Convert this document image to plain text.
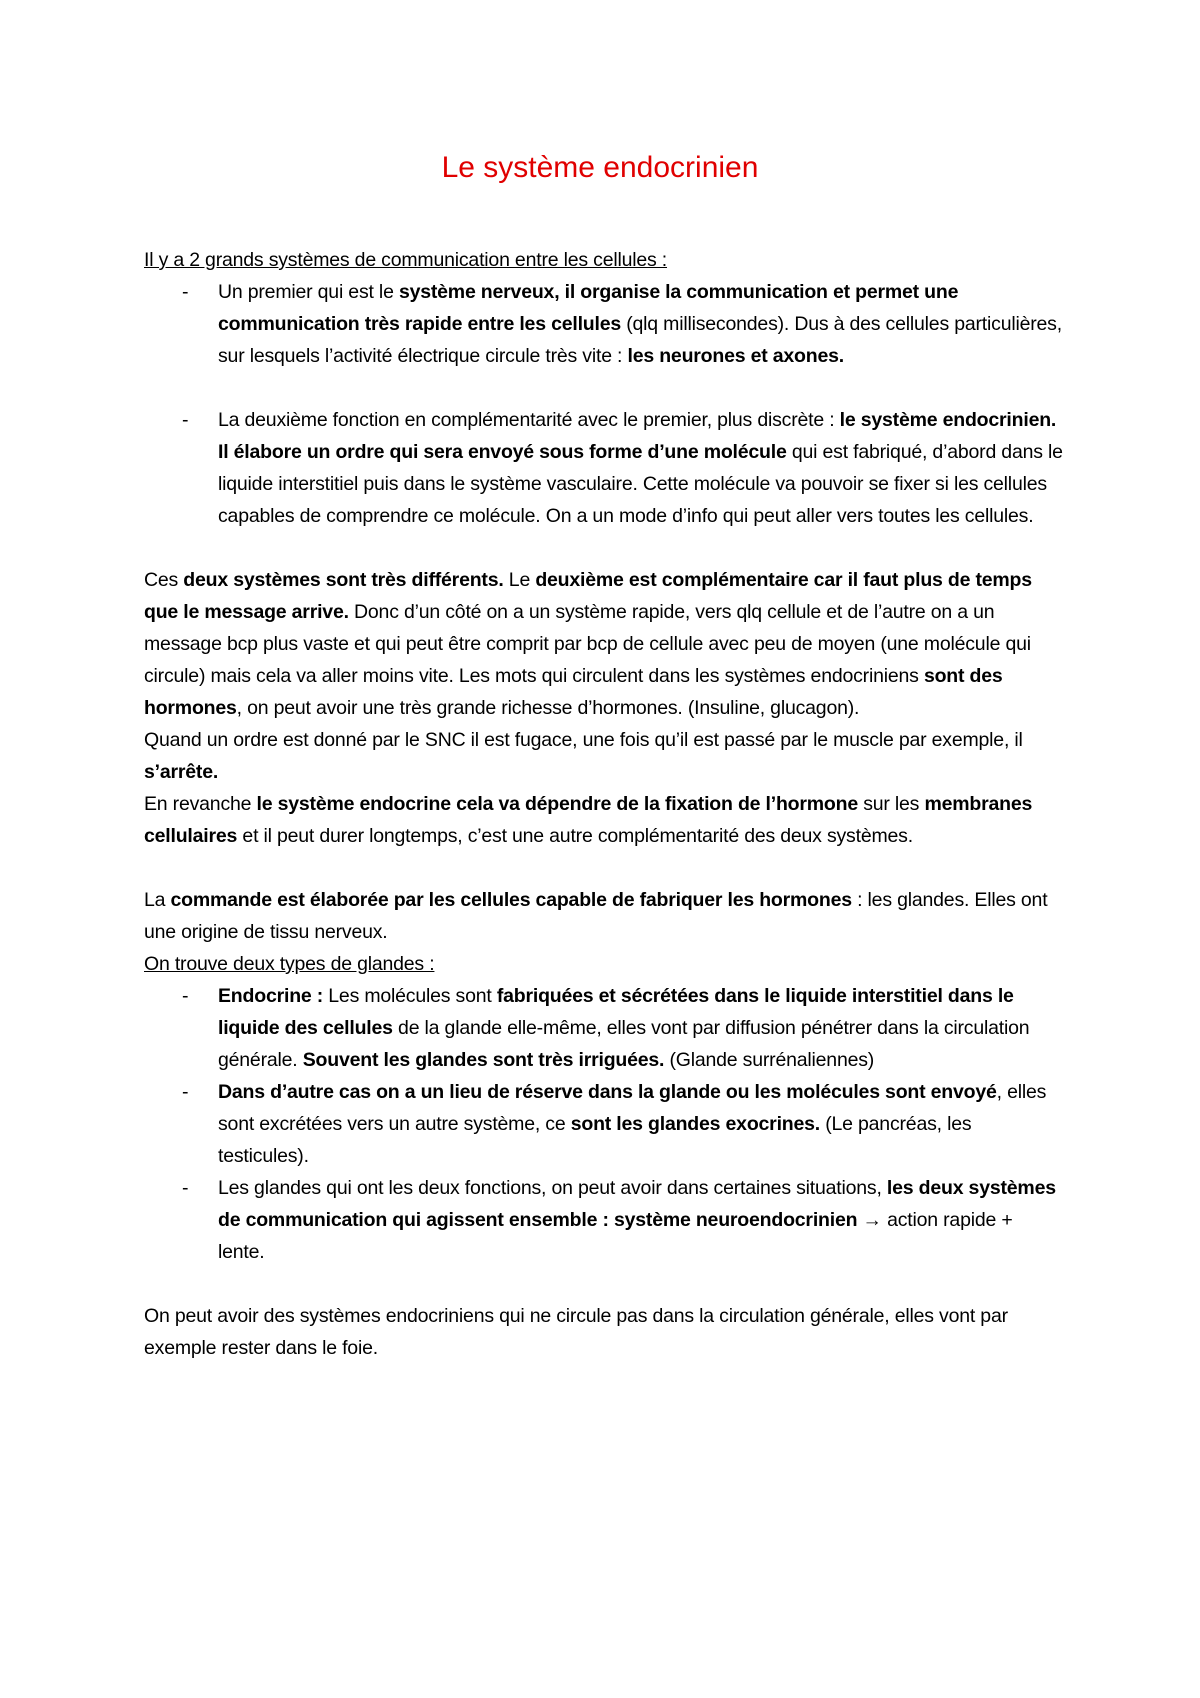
Le système endocrinien

Il y a 2 grands systèmes de communication entre les cellules :

- Un premier qui est le système nerveux, il organise la communication et permet une communication très rapide entre les cellules (qlq millisecondes). Dus à des cellules particulières, sur lesquels l’activité électrique circule très vite : les neurones et axones.

- La deuxième fonction en complémentarité avec le premier, plus discrète : le système endocrinien. Il élabore un ordre qui sera envoyé sous forme d’une molécule qui est fabriqué, d’abord dans le liquide interstitiel puis dans le système vasculaire. Cette molécule va pouvoir se fixer si les cellules capables de comprendre ce molécule. On a un mode d’info qui peut aller vers toutes les cellules.

Ces deux systèmes sont très différents. Le deuxième est complémentaire car il faut plus de temps que le message arrive. Donc d’un côté on a un système rapide, vers qlq cellule et de l’autre on a un message bcp plus vaste et qui peut être comprit par bcp de cellule avec peu de moyen (une molécule qui circule) mais cela va aller moins vite. Les mots qui circulent dans les systèmes endocriniens sont des hormones, on peut avoir une très grande richesse d’hormones. (Insuline, glucagon).

Quand un ordre est donné par le SNC il est fugace, une fois qu’il est passé par le muscle par exemple, il s’arrête.

En revanche le système endocrine cela va dépendre de la fixation de l’hormone sur les membranes cellulaires et il peut durer longtemps, c’est une autre complémentarité des deux systèmes.

La commande est élaborée par les cellules capable de fabriquer les hormones : les glandes. Elles ont une origine de tissu nerveux.

On trouve deux types de glandes :

- Endocrine : Les molécules sont fabriquées et sécrétées dans le liquide interstitiel dans le liquide des cellules de la glande elle-même, elles vont par diffusion pénétrer dans la circulation générale. Souvent les glandes sont très irriguées. (Glande surrénaliennes)

- Dans d’autre cas on a un lieu de réserve dans la glande ou les molécules sont envoyé, elles sont excrétées vers un autre système, ce sont les glandes exocrines. (Le pancréas, les testicules).

- Les glandes qui ont les deux fonctions, on peut avoir dans certaines situations, les deux systèmes de communication qui agissent ensemble : système neuroendocrinien → action rapide + lente.

On peut avoir des systèmes endocriniens qui ne circule pas dans la circulation générale, elles vont par exemple rester dans le foie.
